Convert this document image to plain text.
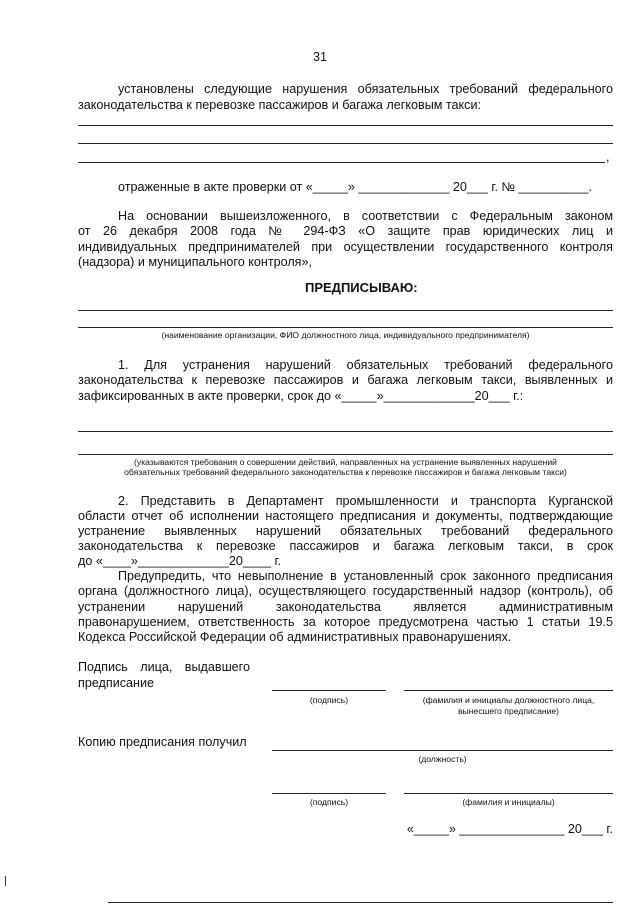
31
установлены следующие нарушения обязательных требований федерального
законодательства к перевозке пассажиров и багажа легковым такси:
,
отраженные в акте проверки от «_____» _____________ 20___ г. № __________.
На основании вышеизложенного, в соответствии с Федеральным законом
от 26 декабря 2008 года № 294-ФЗ «О защите прав юридических лиц и
индивидуальных предпринимателей при осуществлении государственного контроля
(надзора) и муниципального контроля»,
ПРЕДПИСЫВАЮ:
(наименование организации, ФИО должностного лица, индивидуального предпринимателя)
1. Для устранения нарушений обязательных требований федерального
законодательства к перевозке пассажиров и багажа легковым такси, выявленных и
зафиксированных в акте проверки, срок до «_____»_____________20___ г.:
(указываются требования о совершении действий, направленных на устранение выявленных нарушений
обязательных требований федерального законодательства к перевозке пассажиров и багажа легковым такси)
2. Представить в Департамент промышленности и транспорта Курганской
области отчет об исполнении настоящего предписания и документы, подтверждающие
устранение выявленных нарушений обязательных требований федерального
законодательства к перевозке пассажиров и багажа легковым такси, в срок
до «____»_____________20____ г.
Предупредить, что невыполнение в установленный срок законного предписания
органа (должностного лица), осуществляющего государственный надзор (контроль), об
устранении нарушений законодательства является административным
правонарушением, ответственность за которое предусмотрена частью 1 статьи 19.5
Кодекса Российской Федерации об административных правонарушениях.
Подпись лица, выдавшего
предписание
(подпись)	(фамилия и инициалы должностного лица,
вынесшего предписание)
Копию предписания получил
(должность)
(подпись)	(фамилия и инициалы)
«_____» _______________ 20___ г.
